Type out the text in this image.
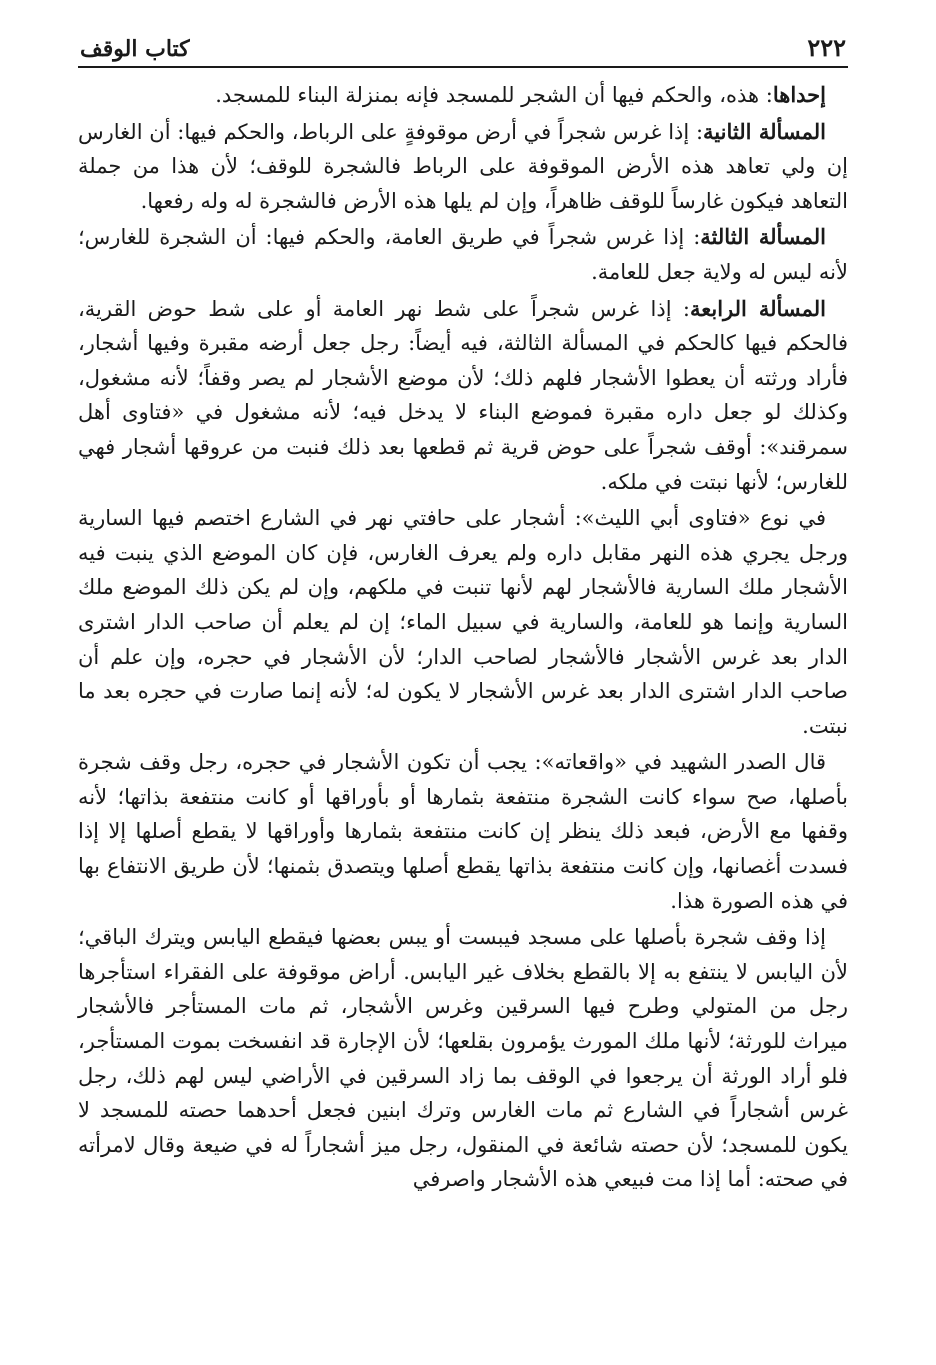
٢٢٢
كتاب الوقف

إحداها: هذه، والحكم فيها أن الشجر للمسجد فإنه بمنزلة البناء للمسجد.

المسألة الثانية: إذا غرس شجراً في أرض موقوفةٍ على الرباط، والحكم فيها: أن الغارس إن ولي تعاهد هذه الأرض الموقوفة على الرباط فالشجرة للوقف؛ لأن هذا من جملة التعاهد فيكون غارساً للوقف ظاهراً، وإن لم يلها هذه الأرض فالشجرة له وله رفعها.

المسألة الثالثة: إذا غرس شجراً في طريق العامة، والحكم فيها: أن الشجرة للغارس؛ لأنه ليس له ولاية جعل للعامة.

المسألة الرابعة: إذا غرس شجراً على شط نهر العامة أو على شط حوض القرية، فالحكم فيها كالحكم في المسألة الثالثة، فيه أيضاً: رجل جعل أرضه مقبرة وفيها أشجار، فأراد ورثته أن يعطوا الأشجار فلهم ذلك؛ لأن موضع الأشجار لم يصر وقفاً؛ لأنه مشغول، وكذلك لو جعل داره مقبرة فموضع البناء لا يدخل فيه؛ لأنه مشغول في «فتاوى أهل سمرقند»: أوقف شجراً على حوض قرية ثم قطعها بعد ذلك فنبت من عروقها أشجار فهي للغارس؛ لأنها نبتت في ملكه.

في نوع «فتاوى أبي الليث»: أشجار على حافتي نهر في الشارع اختصم فيها السارية ورجل يجري هذه النهر مقابل داره ولم يعرف الغارس، فإن كان الموضع الذي ينبت فيه الأشجار ملك السارية فالأشجار لهم لأنها تنبت في ملكهم، وإن لم يكن ذلك الموضع ملك السارية وإنما هو للعامة، والسارية في سبيل الماء؛ إن لم يعلم أن صاحب الدار اشترى الدار بعد غرس الأشجار فالأشجار لصاحب الدار؛ لأن الأشجار في حجره، وإن علم أن صاحب الدار اشترى الدار بعد غرس الأشجار لا يكون له؛ لأنه إنما صارت في حجره بعد ما نبتت.

قال الصدر الشهيد في «واقعاته»: يجب أن تكون الأشجار في حجره، رجل وقف شجرة بأصلها، صح سواء كانت الشجرة منتفعة بثمارها أو بأوراقها أو كانت منتفعة بذاتها؛ لأنه وقفها مع الأرض، فبعد ذلك ينظر إن كانت منتفعة بثمارها وأوراقها لا يقطع أصلها إلا إذا فسدت أغصانها، وإن كانت منتفعة بذاتها يقطع أصلها ويتصدق بثمنها؛ لأن طريق الانتفاع بها في هذه الصورة هذا.

إذا وقف شجرة بأصلها على مسجد فيبست أو يبس بعضها فيقطع اليابس ويترك الباقي؛ لأن اليابس لا ينتفع به إلا بالقطع بخلاف غير اليابس. أراض موقوفة على الفقراء استأجرها رجل من المتولي وطرح فيها السرقين وغرس الأشجار، ثم مات المستأجر فالأشجار ميراث للورثة؛ لأنها ملك المورث يؤمرون بقلعها؛ لأن الإجارة قد انفسخت بموت المستأجر، فلو أراد الورثة أن يرجعوا في الوقف بما زاد السرقين في الأراضي ليس لهم ذلك، رجل غرس أشجاراً في الشارع ثم مات الغارس وترك ابنين فجعل أحدهما حصته للمسجد لا يكون للمسجد؛ لأن حصته شائعة في المنقول، رجل ميز أشجاراً له في ضيعة وقال لامرأته في صحته: أما إذا مت فبيعي هذه الأشجار واصرفي
